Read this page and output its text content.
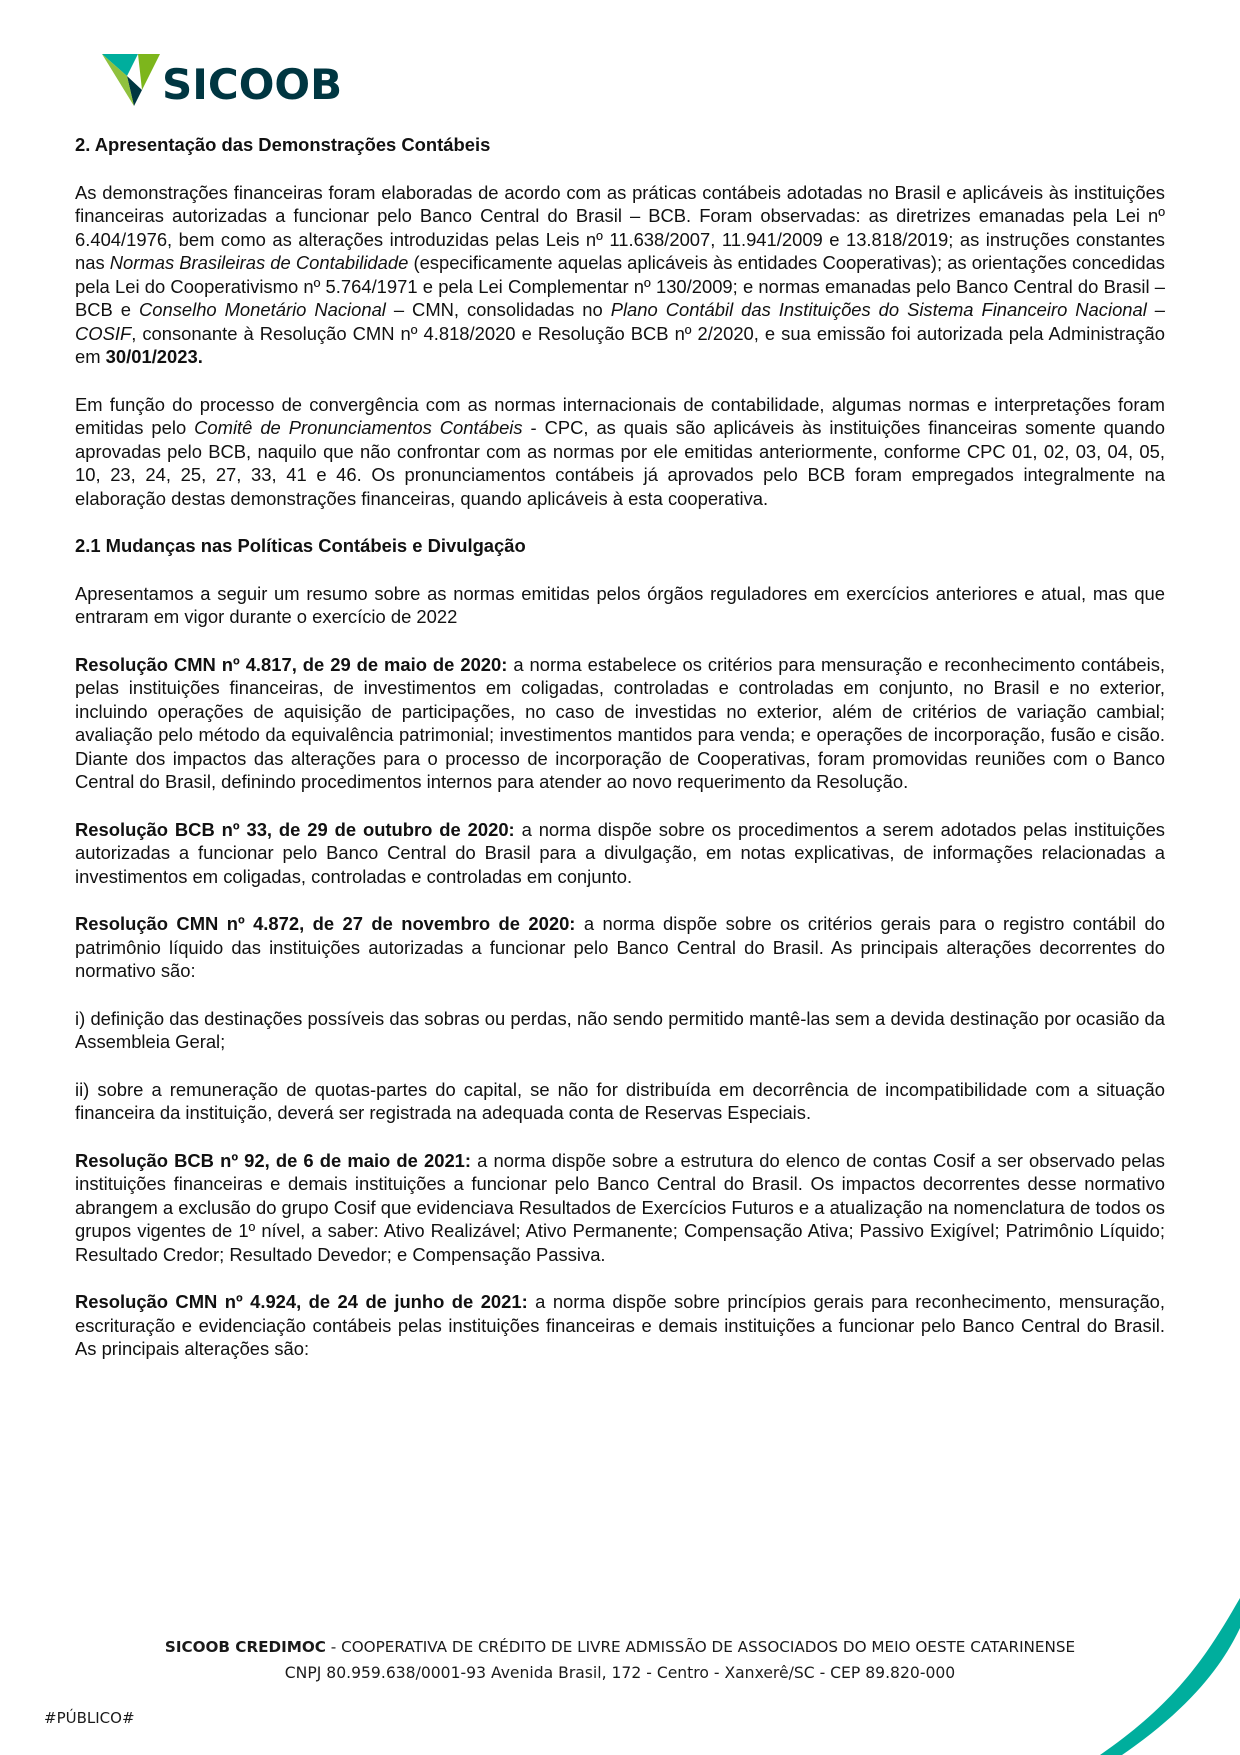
SICOOB
2. Apresentação das Demonstrações Contábeis

As demonstrações financeiras foram elaboradas de acordo com as práticas contábeis adotadas no Brasil e aplicáveis às instituições financeiras autorizadas a funcionar pelo Banco Central do Brasil – BCB. Foram observadas: as diretrizes emanadas pela Lei nº 6.404/1976, bem como as alterações introduzidas pelas Leis nº 11.638/2007, 11.941/2009 e 13.818/2019; as instruções constantes nas Normas Brasileiras de Contabilidade (especificamente aquelas aplicáveis às entidades Cooperativas); as orientações concedidas pela Lei do Cooperativismo nº 5.764/1971 e pela Lei Complementar nº 130/2009; e normas emanadas pelo Banco Central do Brasil – BCB e Conselho Monetário Nacional – CMN, consolidadas no Plano Contábil das Instituições do Sistema Financeiro Nacional – COSIF, consonante à Resolução CMN nº 4.818/2020 e Resolução BCB nº 2/2020, e sua emissão foi autorizada pela Administração em 30/01/2023.

Em função do processo de convergência com as normas internacionais de contabilidade, algumas normas e interpretações foram emitidas pelo Comitê de Pronunciamentos Contábeis - CPC, as quais são aplicáveis às instituições financeiras somente quando aprovadas pelo BCB, naquilo que não confrontar com as normas por ele emitidas anteriormente, conforme CPC 01, 02, 03, 04, 05, 10, 23, 24, 25, 27, 33, 41 e 46. Os pronunciamentos contábeis já aprovados pelo BCB foram empregados integralmente na elaboração destas demonstrações financeiras, quando aplicáveis à esta cooperativa.

2.1 Mudanças nas Políticas Contábeis e Divulgação

Apresentamos a seguir um resumo sobre as normas emitidas pelos órgãos reguladores em exercícios anteriores e atual, mas que entraram em vigor durante o exercício de 2022

Resolução CMN nº 4.817, de 29 de maio de 2020: a norma estabelece os critérios para mensuração e reconhecimento contábeis, pelas instituições financeiras, de investimentos em coligadas, controladas e controladas em conjunto, no Brasil e no exterior, incluindo operações de aquisição de participações, no caso de investidas no exterior, além de critérios de variação cambial; avaliação pelo método da equivalência patrimonial; investimentos mantidos para venda; e operações de incorporação, fusão e cisão. Diante dos impactos das alterações para o processo de incorporação de Cooperativas, foram promovidas reuniões com o Banco Central do Brasil, definindo procedimentos internos para atender ao novo requerimento da Resolução.

Resolução BCB nº 33, de 29 de outubro de 2020: a norma dispõe sobre os procedimentos a serem adotados pelas instituições autorizadas a funcionar pelo Banco Central do Brasil para a divulgação, em notas explicativas, de informações relacionadas a investimentos em coligadas, controladas e controladas em conjunto.

Resolução CMN nº 4.872, de 27 de novembro de 2020: a norma dispõe sobre os critérios gerais para o registro contábil do patrimônio líquido das instituições autorizadas a funcionar pelo Banco Central do Brasil. As principais alterações decorrentes do normativo são:

i) definição das destinações possíveis das sobras ou perdas, não sendo permitido mantê-las sem a devida destinação por ocasião da Assembleia Geral;

ii) sobre a remuneração de quotas-partes do capital, se não for distribuída em decorrência de incompatibilidade com a situação financeira da instituição, deverá ser registrada na adequada conta de Reservas Especiais.

Resolução BCB nº 92, de 6 de maio de 2021: a norma dispõe sobre a estrutura do elenco de contas Cosif a ser observado pelas instituições financeiras e demais instituições a funcionar pelo Banco Central do Brasil. Os impactos decorrentes desse normativo abrangem a exclusão do grupo Cosif que evidenciava Resultados de Exercícios Futuros e a atualização na nomenclatura de todos os grupos vigentes de 1º nível, a saber: Ativo Realizável; Ativo Permanente; Compensação Ativa; Passivo Exigível; Patrimônio Líquido; Resultado Credor; Resultado Devedor; e Compensação Passiva.

Resolução CMN nº 4.924, de 24 de junho de 2021: a norma dispõe sobre princípios gerais para reconhecimento, mensuração, escrituração e evidenciação contábeis pelas instituições financeiras e demais instituições a funcionar pelo Banco Central do Brasil. As principais alterações são:

SICOOB CREDIMOC - COOPERATIVA DE CRÉDITO DE LIVRE ADMISSÃO DE ASSOCIADOS DO MEIO OESTE CATARINENSE
CNPJ 80.959.638/0001-93 Avenida Brasil, 172 - Centro - Xanxerê/SC - CEP 89.820-000
#PÚBLICO#
